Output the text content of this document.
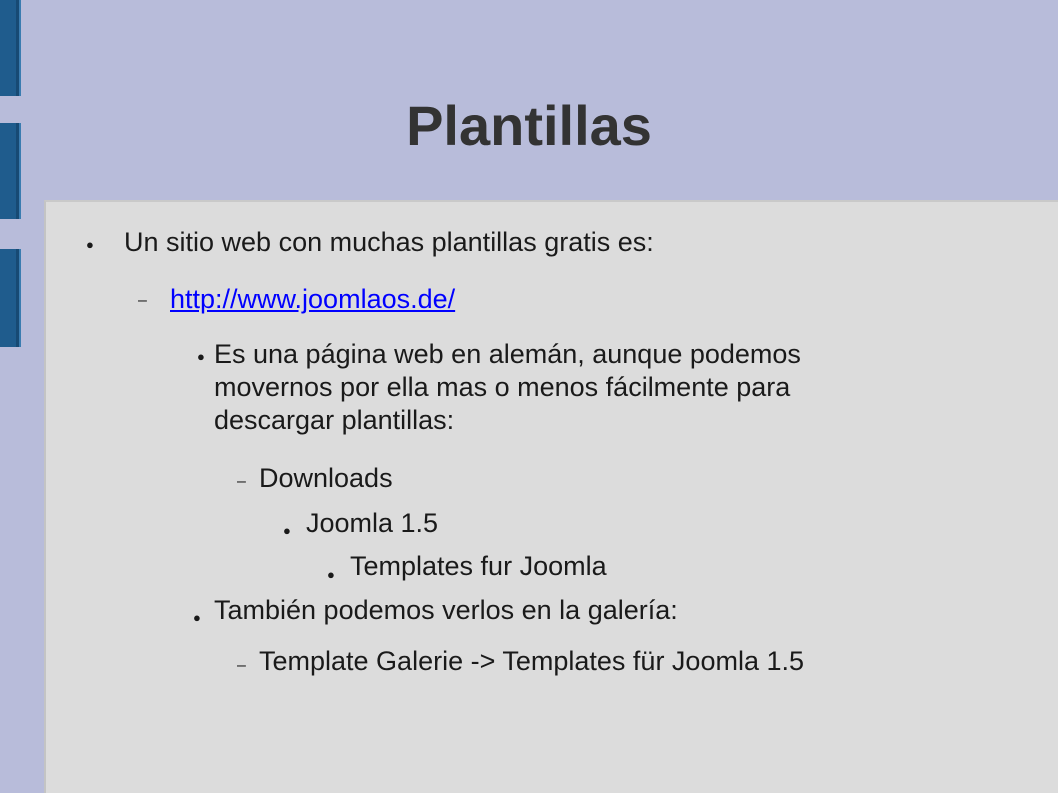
Plantillas
● Un sitio web con muchas plantillas gratis es:
– http://www.joomlaos.de/
● Es una página web en alemán, aunque podemos
movernos por ella mas o menos fácilmente para
descargar plantillas:
– Downloads
● Joomla 1.5
● Templates fur Joomla
● También podemos verlos en la galería:
– Template Galerie -> Templates für Joomla 1.5
